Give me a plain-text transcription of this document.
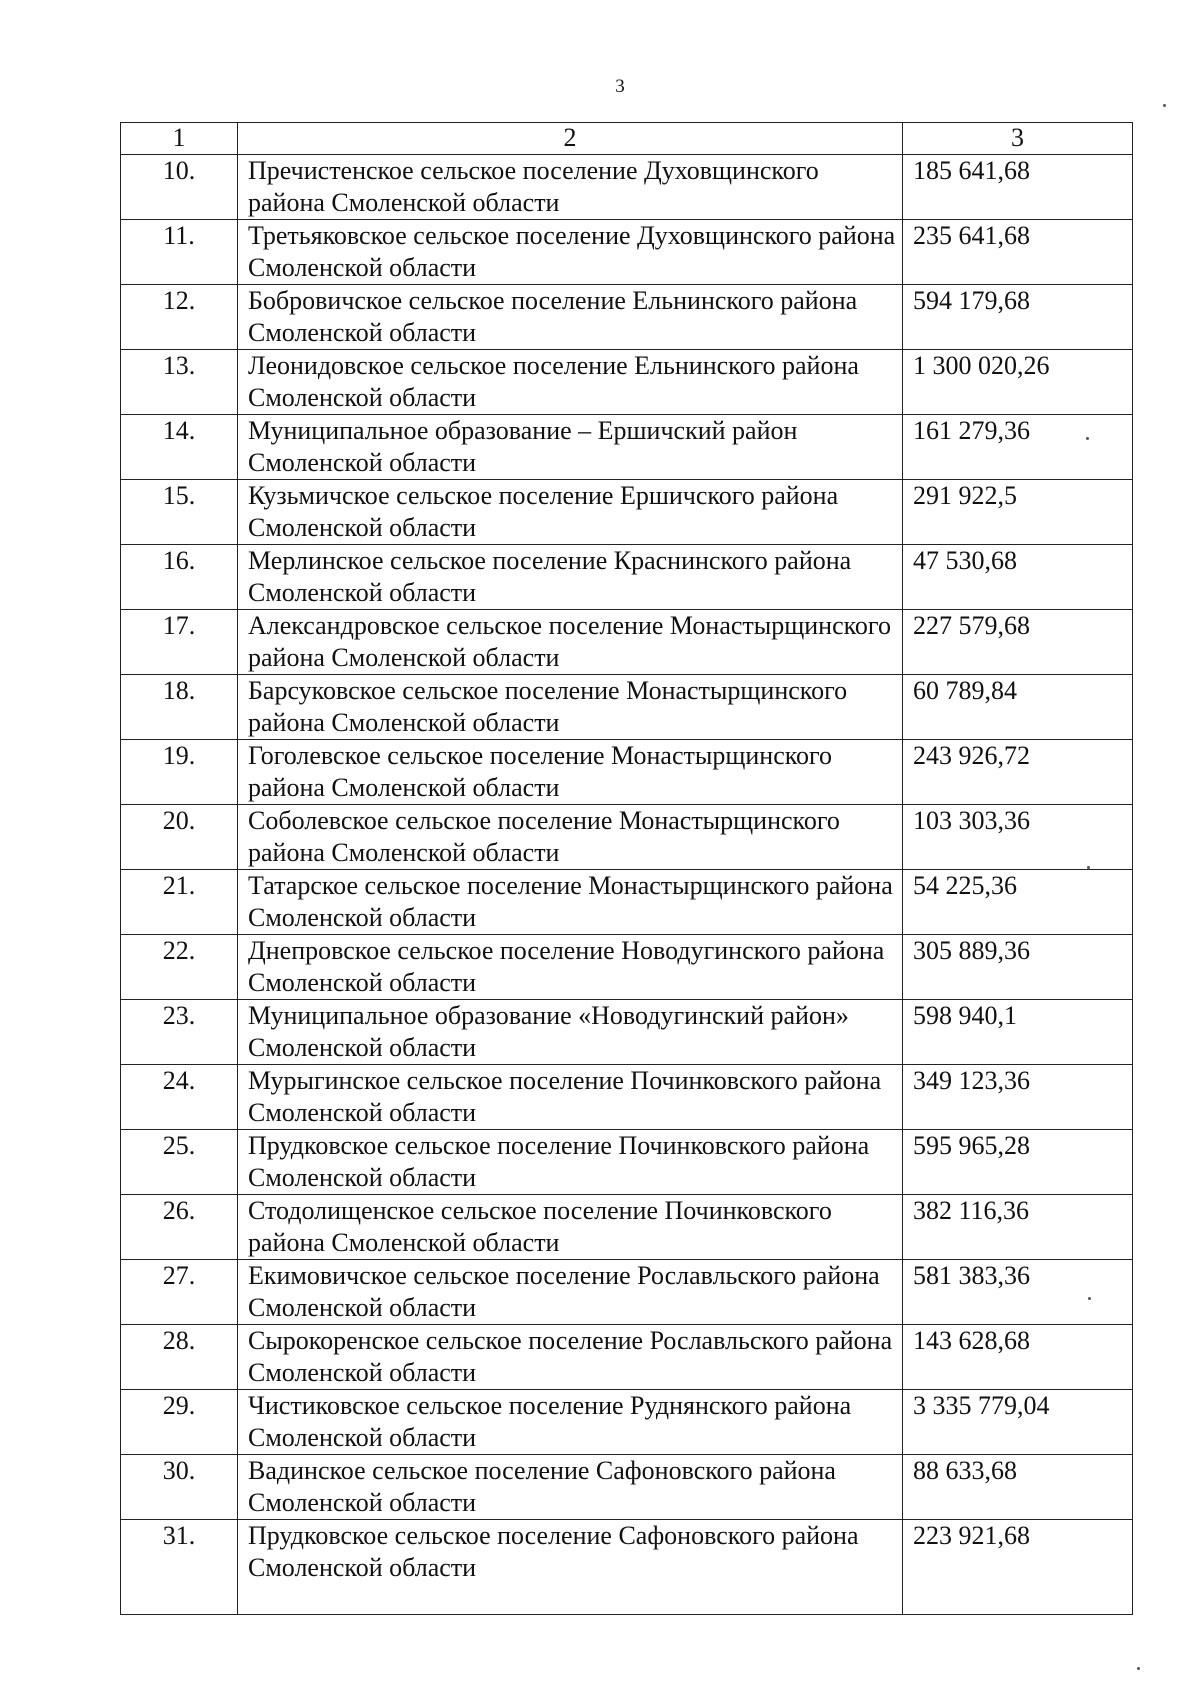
3
1	2	3
10.	Пречистенское сельское поселение Духовщинского района Смоленской области	185 641,68
11.	Третьяковское сельское поселение Духовщинского района Смоленской области	235 641,68
12.	Бобровичское сельское поселение Ельнинского района Смоленской области	594 179,68
13.	Леонидовское сельское поселение Ельнинского района Смоленской области	1 300 020,26
14.	Муниципальное образование – Ершичский район Смоленской области	161 279,36
15.	Кузьмичское сельское поселение Ершичского района Смоленской области	291 922,5
16.	Мерлинское сельское поселение Краснинского района Смоленской области	47 530,68
17.	Александровское сельское поселение Монастырщинского района Смоленской области	227 579,68
18.	Барсуковское сельское поселение Монастырщинского района Смоленской области	60 789,84
19.	Гоголевское сельское поселение Монастырщинского района Смоленской области	243 926,72
20.	Соболевское сельское поселение Монастырщинского района Смоленской области	103 303,36
21.	Татарское сельское поселение Монастырщинского района Смоленской области	54 225,36
22.	Днепровское сельское поселение Новодугинского района Смоленской области	305 889,36
23.	Муниципальное образование «Новодугинский район» Смоленской области	598 940,1
24.	Мурыгинское сельское поселение Починковского района Смоленской области	349 123,36
25.	Прудковское сельское поселение Починковского района Смоленской области	595 965,28
26.	Стодолищенское сельское поселение Починковского района Смоленской области	382 116,36
27.	Екимовичское сельское поселение Рославльского района Смоленской области	581 383,36
28.	Сырокоренское сельское поселение Рославльского района Смоленской области	143 628,68
29.	Чистиковское сельское поселение Руднянского района Смоленской области	3 335 779,04
30.	Вадинское сельское поселение Сафоновского района Смоленской области	88 633,68
31.	Прудковское сельское поселение Сафоновского района Смоленской области	223 921,68
